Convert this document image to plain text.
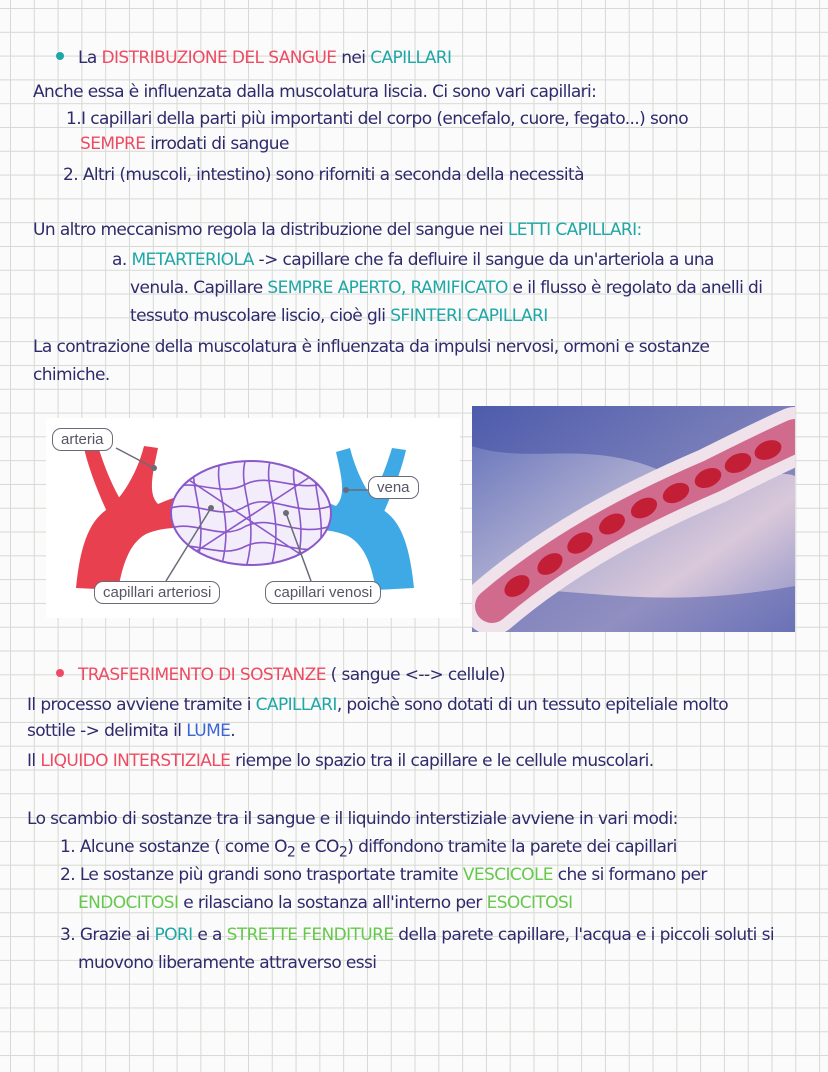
La DISTRIBUZIONE DEL SANGUE nei CAPILLARI
Anche essa è influenzata dalla muscolatura liscia. Ci sono vari capillari:
1.I capillari della parti più importanti del corpo (encefalo, cuore, fegato...) sono
SEMPRE irrodati di sangue
2. Altri (muscoli, intestino) sono riforniti a seconda della necessità
Un altro meccanismo regola la distribuzione del sangue nei LETTI CAPILLARI:
a. METARTERIOLA -> capillare che fa defluire il sangue da un'arteriola a una
venula. Capillare SEMPRE APERTO, RAMIFICATO e il flusso è regolato da anelli di
tessuto muscolare liscio, cioè gli SFINTERI CAPILLARI
La contrazione della muscolatura è influenzata da impulsi nervosi, ormoni e sostanze
chimiche.
arteria
vena
capillari arteriosi	capillari venosi
TRASFERIMENTO DI SOSTANZE ( sangue <--> cellule)
Il processo avviene tramite i CAPILLARI, poichè sono dotati di un tessuto epiteliale molto
sottile -> delimita il LUME.
Il LIQUIDO INTERSTIZIALE riempe lo spazio tra il capillare e le cellule muscolari.
Lo scambio di sostanze tra il sangue e il liquindo interstiziale avviene in vari modi:
1. Alcune sostanze ( come $O_2$ e $CO_2$) diffondono tramite la parete dei capillari
2. Le sostanze più grandi sono trasportate tramite VESCICOLE che si formano per
ENDOCITOSI e rilasciano la sostanza all'interno per ESOCITOSI
3. Grazie ai PORI e a STRETTE FENDITURE della parete capillare, l'acqua e i piccoli soluti si
muovono liberamente attraverso essi
